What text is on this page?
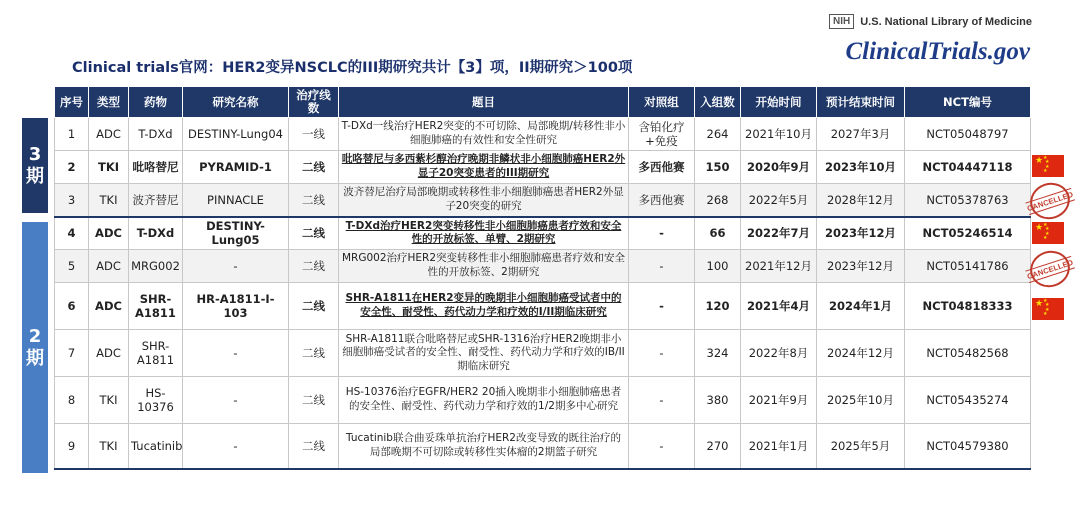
NIH U.S. National Library of Medicine
ClinicalTrials.gov
Clinical trials官网：HER2变异NSCLC的III期研究共计【3】项，II期研究＞100项
3
期
2
期
序号	类型	药物	研究名称	治疗线数	题目	对照组	入组数	开始时间	预计结束时间	NCT编号
1	ADC	T-DXd	DESTINY-Lung04	一线	T-DXd一线治疗HER2突变的不可切除、局部晚期/转移性非小细胞肺癌的有效性和安全性研究	含铂化疗+免疫	264	2021年10月	2027年3月	NCT05048797
2	TKI	吡咯替尼	PYRAMID-1	二线	吡咯替尼与多西紫杉醇治疗晚期非鳞状非小细胞肺癌HER2外显子20突变患者的III期研究	多西他赛	150	2020年9月	2023年10月	NCT04447118
3	TKI	波齐替尼	PINNACLE	二线	波齐替尼治疗局部晚期或转移性非小细胞肺癌患者HER2外显子20突变的研究	多西他赛	268	2022年5月	2028年12月	NCT05378763
4	ADC	T-DXd	DESTINY-Lung05	二线	T-DXd治疗HER2突变转移性非小细胞肺癌患者疗效和安全性的开放标签、单臂、2期研究	-	66	2022年7月	2023年12月	NCT05246514
5	ADC	MRG002	-	二线	MRG002治疗HER2突变转移性非小细胞肺癌患者疗效和安全性的开放标签、2期研究	-	100	2021年12月	2023年12月	NCT05141786
6	ADC	SHR-A1811	HR-A1811-I-103	二线	SHR-A1811在HER2变异的晚期非小细胞肺癌受试者中的安全性、耐受性、药代动力学和疗效的I/II期临床研究	-	120	2021年4月	2024年1月	NCT04818333
7	ADC	SHR-A1811	-	二线	SHR-A1811联合吡咯替尼或SHR-1316治疗HER2晚期非小细胞肺癌受试者的安全性、耐受性、药代动力学和疗效的IB/II期临床研究	-	324	2022年8月	2024年12月	NCT05482568
8	TKI	HS-10376	-	二线	HS-10376治疗EGFR/HER2 20插入晚期非小细胞肺癌患者的安全性、耐受性、药代动力学和疗效的1/2期多中心研究	-	380	2021年9月	2025年10月	NCT05435274
9	TKI	Tucatinib	-	二线	Tucatinib联合曲妥珠单抗治疗HER2改变导致的既往治疗的局部晚期不可切除或转移性实体瘤的2期篮子研究	-	270	2021年1月	2025年5月	NCT04579380
★ ★
★
★
★
CANCELLED
★ ★
★
★
★
CANCELLED
★ ★
★
★
★
